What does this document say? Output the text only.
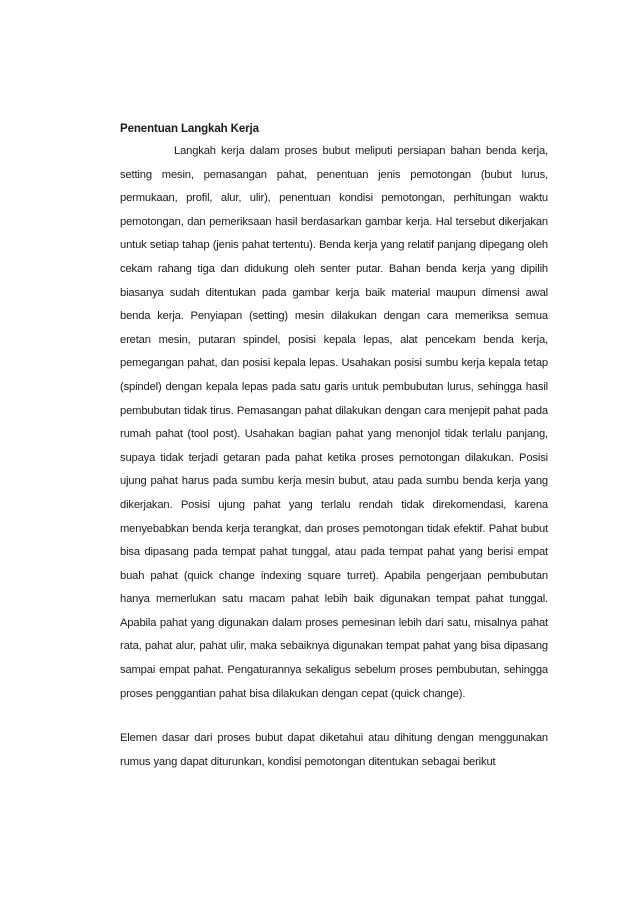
Penentuan Langkah Kerja

Langkah kerja dalam proses bubut meliputi persiapan bahan benda kerja, setting mesin, pemasangan pahat, penentuan jenis pemotongan (bubut lurus, permukaan, profil, alur, ulir), penentuan kondisi pemotongan, perhitungan waktu pemotongan, dan pemeriksaan hasil berdasarkan gambar kerja. Hal tersebut dikerjakan untuk setiap tahap (jenis pahat tertentu). Benda kerja yang relatif panjang dipegang oleh cekam rahang tiga dan didukung oleh senter putar. Bahan benda kerja yang dipilih biasanya sudah ditentukan pada gambar kerja baik material maupun dimensi awal benda kerja. Penyiapan (setting) mesin dilakukan dengan cara memeriksa semua eretan mesin, putaran spindel, posisi kepala lepas, alat pencekam benda kerja, pemegangan pahat, dan posisi kepala lepas. Usahakan posisi sumbu kerja kepala tetap (spindel) dengan kepala lepas pada satu garis untuk pembubutan lurus, sehingga hasil pembubutan tidak tirus. Pemasangan pahat dilakukan dengan cara menjepit pahat pada rumah pahat (tool post). Usahakan bagian pahat yang menonjol tidak terlalu panjang, supaya tidak terjadi getaran pada pahat ketika proses pemotongan dilakukan. Posisi ujung pahat harus pada sumbu kerja mesin bubut, atau pada sumbu benda kerja yang dikerjakan. Posisi ujung pahat yang terlalu rendah tidak direkomendasi, karena menyebabkan benda kerja terangkat, dan proses pemotongan tidak efektif. Pahat bubut bisa dipasang pada tempat pahat tunggal, atau pada tempat pahat yang berisi empat buah pahat (quick change indexing square turret). Apabila pengerjaan pembubutan hanya memerlukan satu macam pahat lebih baik digunakan tempat pahat tunggal. Apabila pahat yang digunakan dalam proses pemesinan lebih dari satu, misalnya pahat rata, pahat alur, pahat ulir, maka sebaiknya digunakan tempat pahat yang bisa dipasang sampai empat pahat. Pengaturannya sekaligus sebelum proses pembubutan, sehingga proses penggantian pahat bisa dilakukan dengan cepat (quick change).

Elemen dasar dari proses bubut dapat diketahui atau dihitung dengan menggunakan rumus yang dapat diturunkan, kondisi pemotongan ditentukan sebagai berikut
